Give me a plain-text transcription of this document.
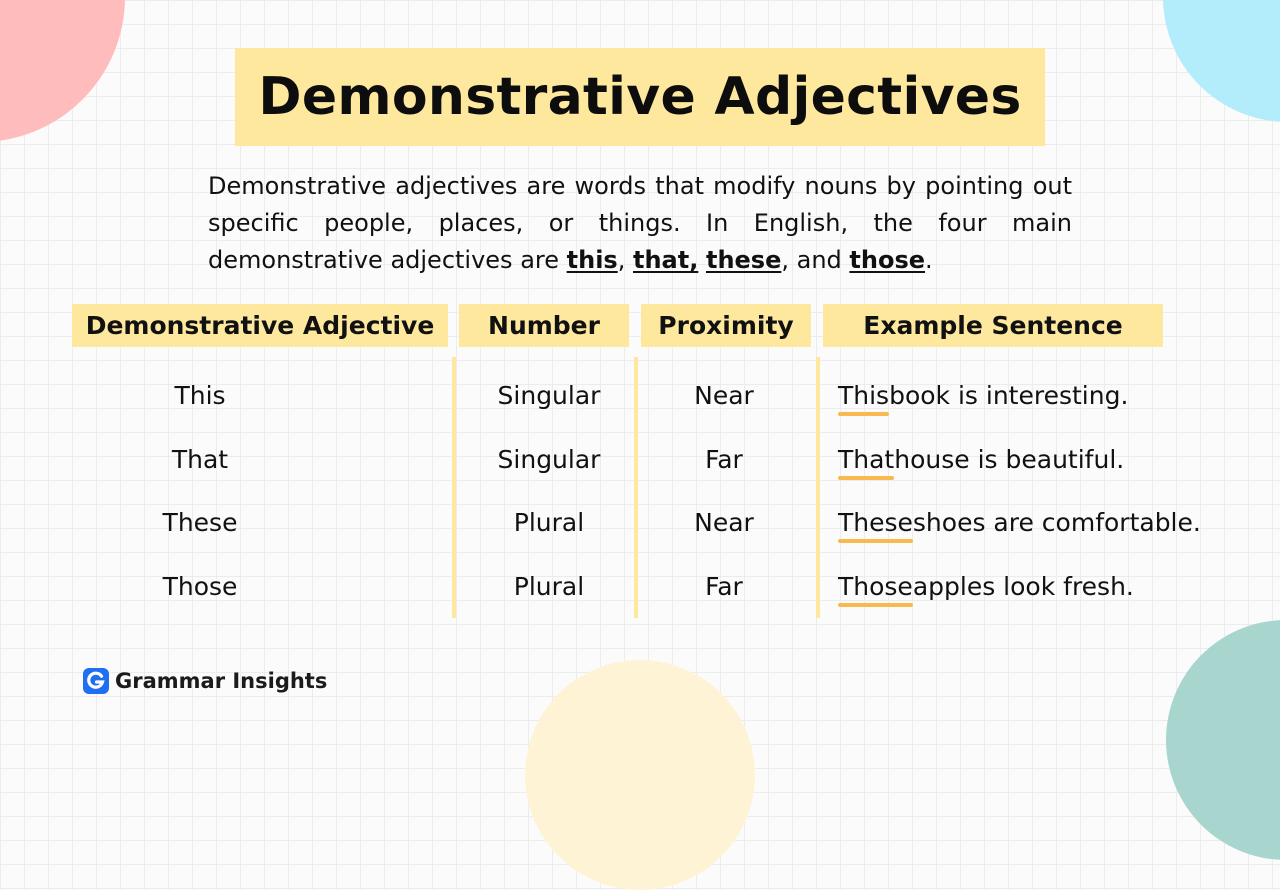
Demonstrative Adjectives

Demonstrative adjectives are words that modify nouns by pointing out specific people, places, or things. In English, the four main demonstrative adjectives are this, that, these, and those.

Demonstrative Adjective	Number	Proximity	Example Sentence
This	Singular	Near	This book is interesting.
That	Singular	Far	That house is beautiful.
These	Plural	Near	These shoes are comfortable.
Those	Plural	Far	Those apples look fresh.
Grammar Insights
